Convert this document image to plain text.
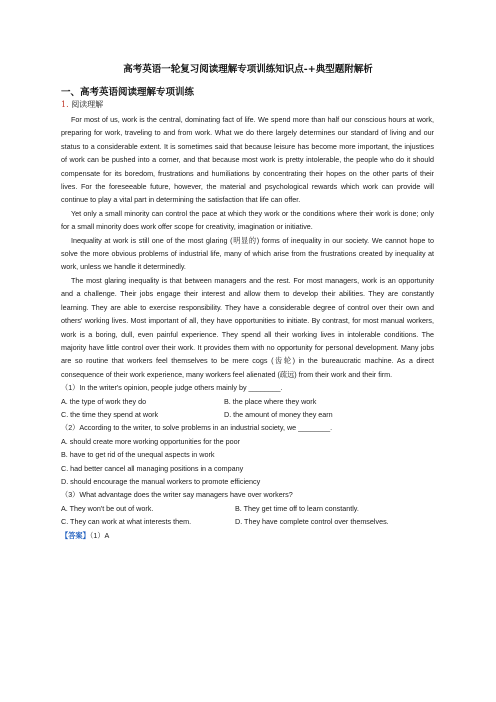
高考英语一轮复习阅读理解专项训练知识点-+典型题附解析
一、高考英语阅读理解专项训练
1. 阅读理解

For most of us, work is the central, dominating fact of life. We spend more than half our conscious hours at work, preparing for work, traveling to and from work. What we do there largely determines our standard of living and our status to a considerable extent. It is sometimes said that because leisure has become more important, the injustices of work can be pushed into a corner, and that because most work is pretty intolerable, the people who do it should compensate for its boredom, frustrations and humiliations by concentrating their hopes on the other parts of their lives. For the foreseeable future, however, the material and psychological rewards which work can provide will continue to play a vital part in determining the satisfaction that life can offer.

Yet only a small minority can control the pace at which they work or the conditions where their work is done; only for a small minority does work offer scope for creativity, imagination or initiative.

Inequality at work is still one of the most glaring (明显的) forms of inequality in our society. We cannot hope to solve the more obvious problems of industrial life, many of which arise from the frustrations created by inequality at work, unless we handle it determinedly.

The most glaring inequality is that between managers and the rest. For most managers, work is an opportunity and a challenge. Their jobs engage their interest and allow them to develop their abilities. They are constantly learning. They are able to exercise responsibility. They have a considerable degree of control over their own and others' working lives. Most important of all, they have opportunities to initiate. By contrast, for most manual workers, work is a boring, dull, even painful experience. They spend all their working lives in intolerable conditions. The majority have little control over their work. It provides them with no opportunity for personal development. Many jobs are so routine that workers feel themselves to be mere cogs (齿轮) in the bureaucratic machine. As a direct consequence of their work experience, many workers feel alienated (疏远) from their work and their firm.

（1）In the writer's opinion, people judge others mainly by ________.

A. the type of work they do	B. the place where they work
C. the time they spend at work	D. the amount of money they earn

（2）According to the writer, to solve problems in an industrial society, we ________.

A. should create more working opportunities for the poor

B. have to get rid of the unequal aspects in work

C. had better cancel all managing positions in a company

D. should encourage the manual workers to promote efficiency

（3）What advantage does the writer say managers have over workers?

A. They won't be out of work.	B. They get time off to learn constantly.
C. They can work at what interests them.	D. They have complete control over themselves.

【答案】（1）A
